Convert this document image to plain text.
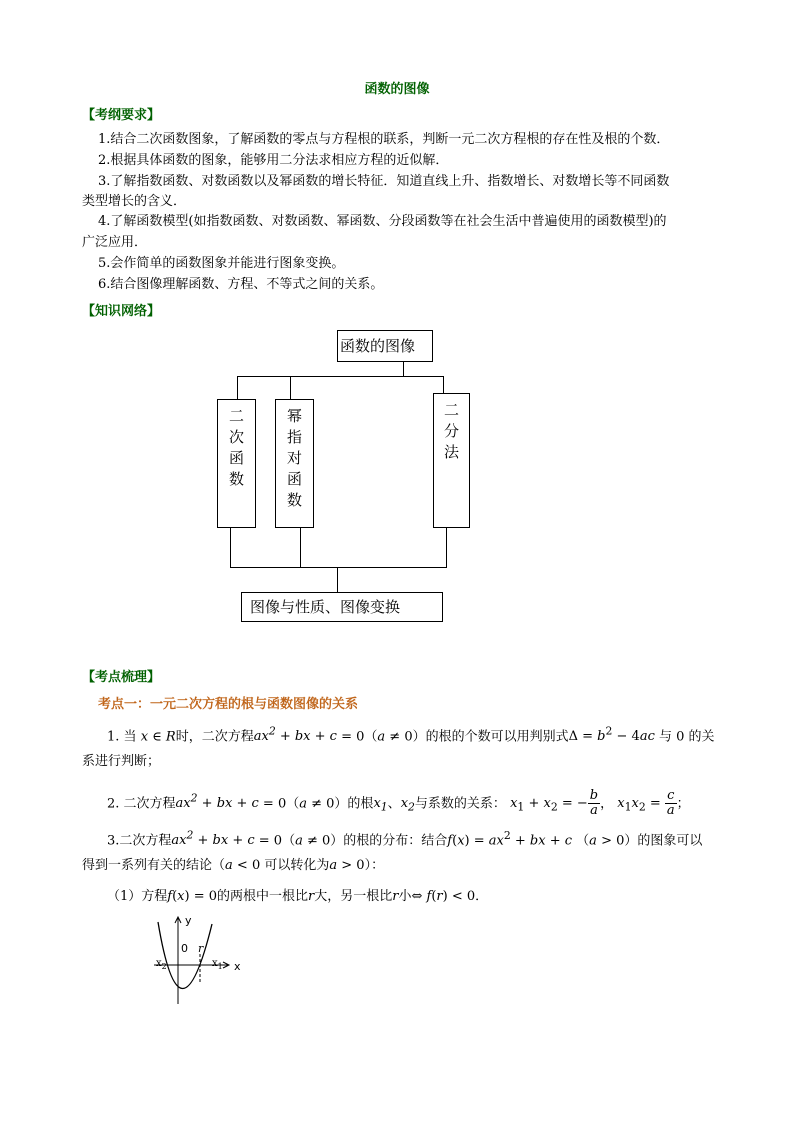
函数的图像
【考纲要求】
1.结合二次函数图象，了解函数的零点与方程根的联系，判断一元二次方程根的存在性及根的个数．
2.根据具体函数的图象，能够用二分法求相应方程的近似解．
3.了解指数函数、对数函数以及幂函数的增长特征．知道直线上升、指数增长、对数增长等不同函数
类型增长的含义．
4.了解函数模型(如指数函数、对数函数、幂函数、分段函数等在社会生活中普遍使用的函数模型)的
广泛应用．
5.会作简单的函数图象并能进行图象变换。
6.结合图像理解函数、方程、不等式之间的关系。
【知识网络】
函数的图像
二
次
函
数
幂
指
对
函
数
二
分
法
图像与性质、图像变换
【考点梳理】
考点一：一元二次方程的根与函数图像的关系
1. 当 x ∈ R时，二次方程$ax^2$ + bx + c = 0（a ≠ 0）的根的个数可以用判别式$\Delta = b^2 - 4ac$ 与 0 的关
系进行判断；
2. 二次方程$ax^2$ + bx + c = 0（a ≠ 0）的根$x_1$、$x_2$与系数的关系： $x_1 + x_2$ = − $\frac{b}{a}$ ， $x_1x_2 = \frac{c}{a}$ ；
3.二次方程$ax^2$ + bx + c = 0（a ≠ 0）的根的分布：结合$f(x) = ax^2$ + bx + c （a > 0）的图象可以
得到一系列有关的结论（a < 0 可以转化为a > 0）：
（1）方程f(x) = 0的两根中一根比r大，另一根比r小⇔ f(r) < 0．
y
x
0 r
$x_2$	$x_1$
